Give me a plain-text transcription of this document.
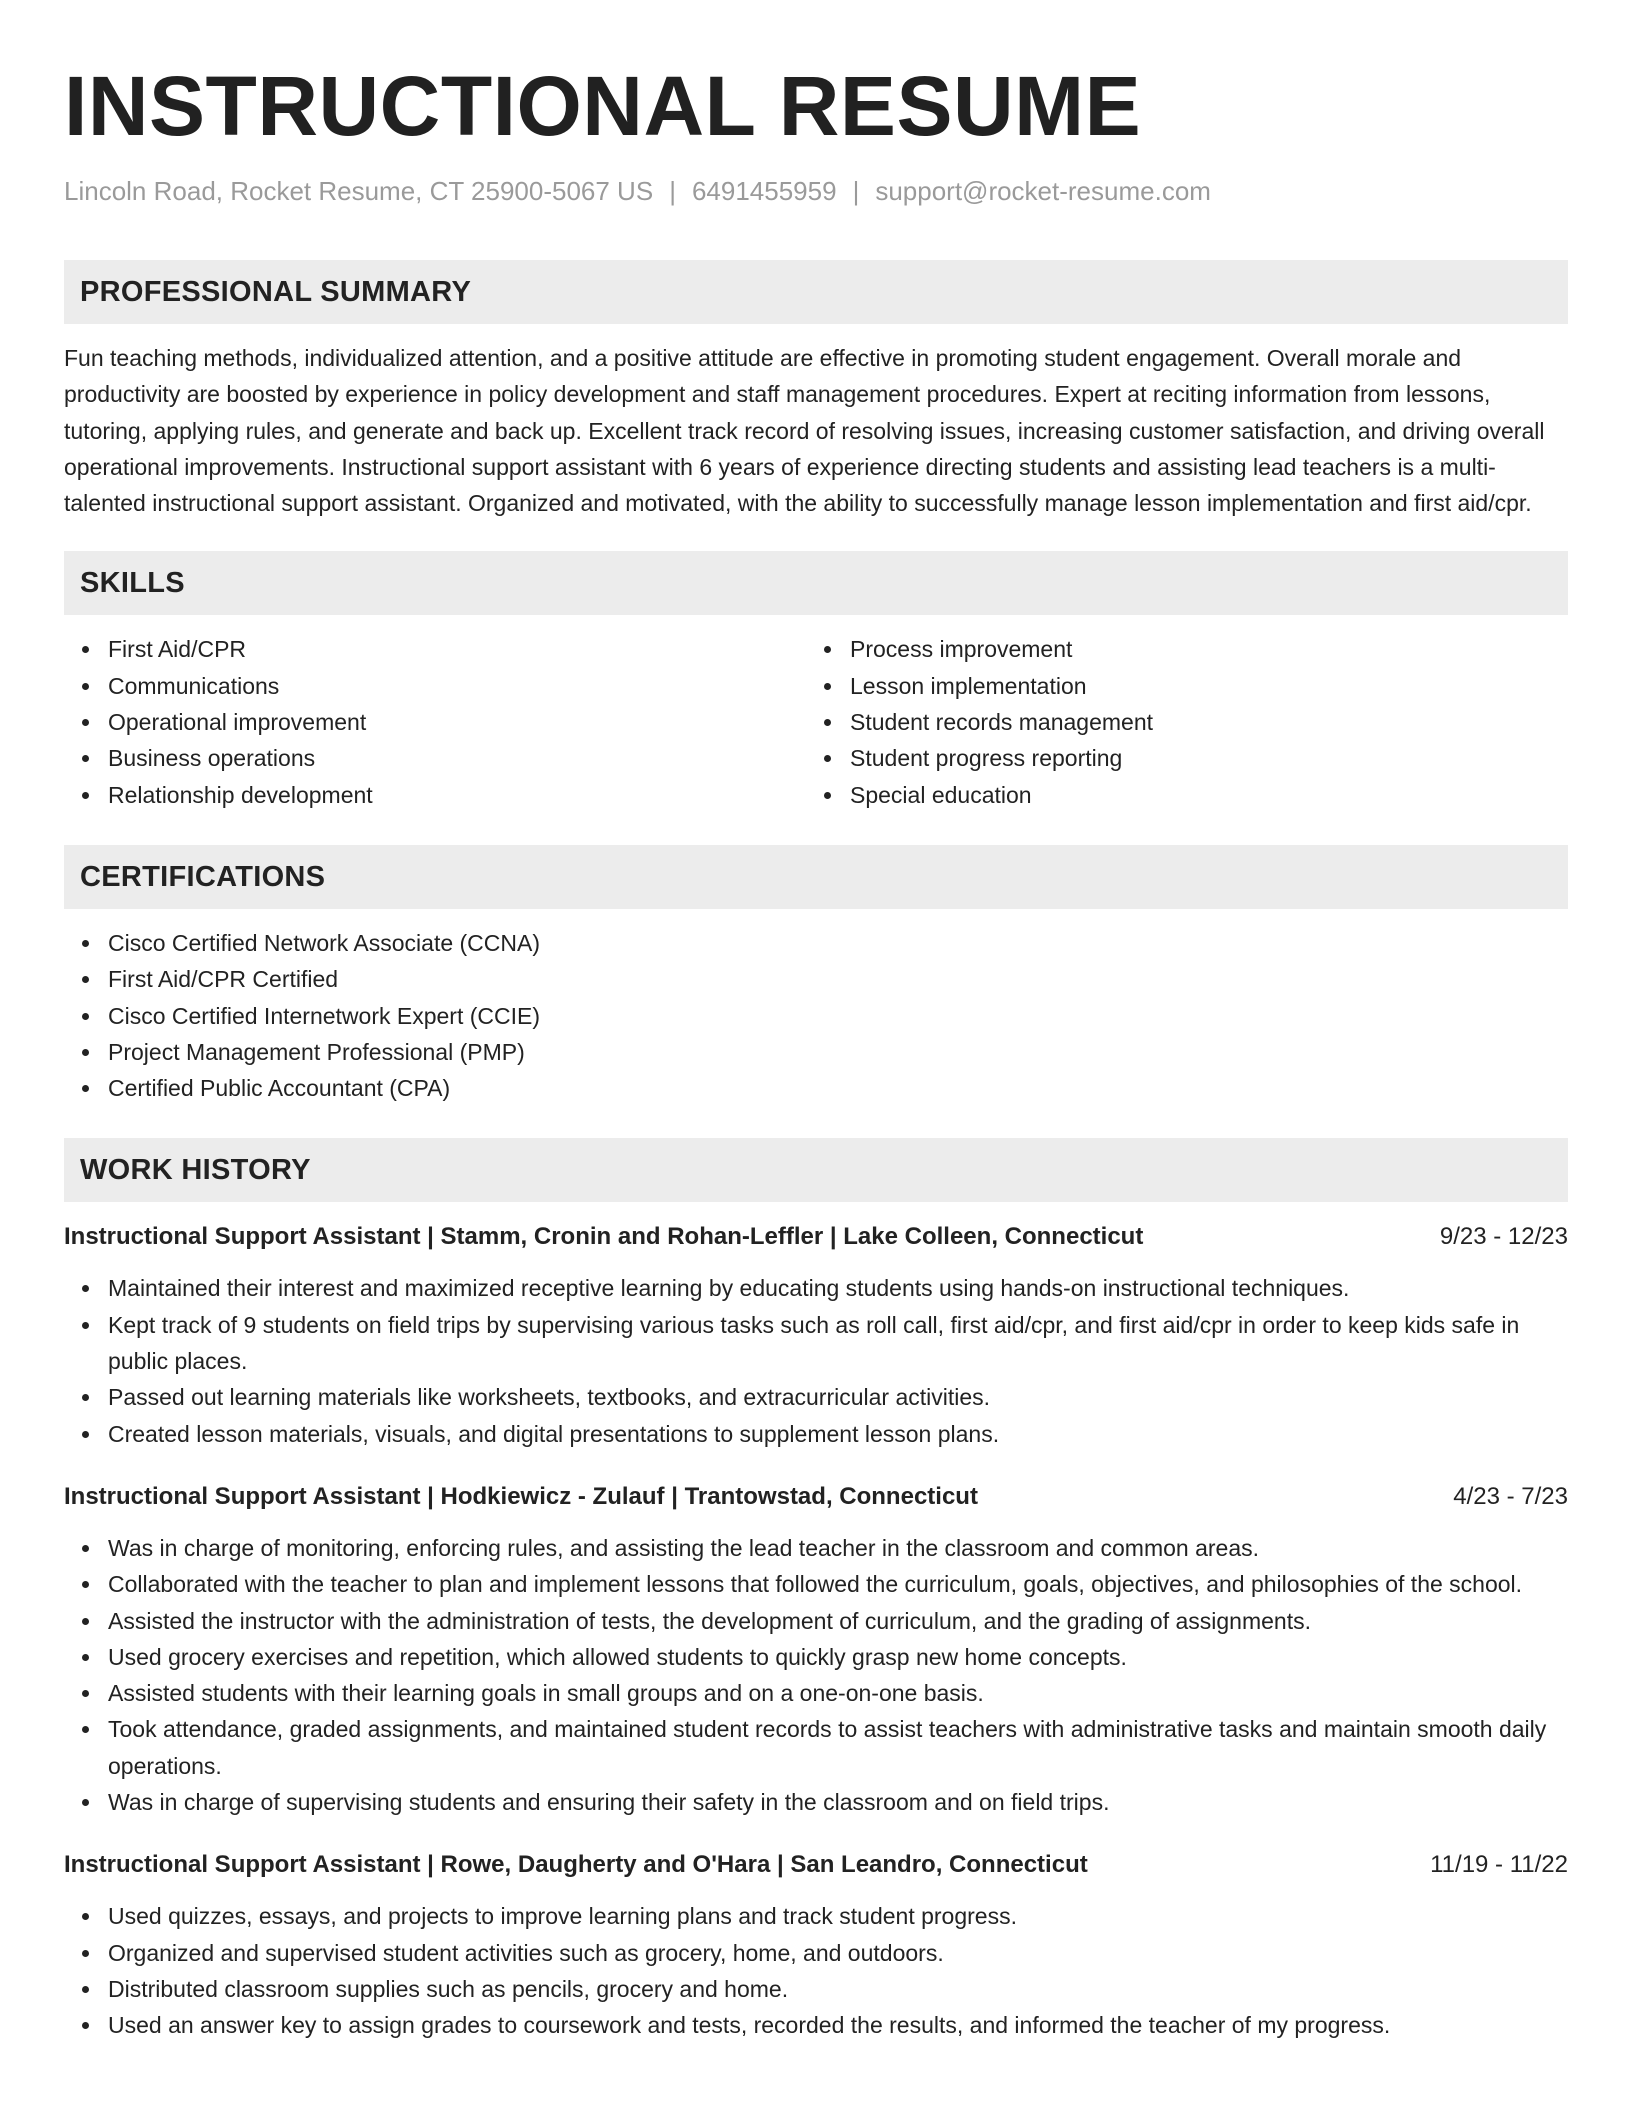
INSTRUCTIONAL RESUME
Lincoln Road, Rocket Resume, CT 25900-5067 US | 6491455959 | support@rocket-resume.com
PROFESSIONAL SUMMARY

Fun teaching methods, individualized attention, and a positive attitude are effective in promoting student engagement. Overall morale and productivity are boosted by experience in policy development and staff management procedures. Expert at reciting information from lessons, tutoring, applying rules, and generate and back up. Excellent track record of resolving issues, increasing customer satisfaction, and driving overall operational improvements. Instructional support assistant with 6 years of experience directing students and assisting lead teachers is a multi-talented instructional support assistant. Organized and motivated, with the ability to successfully manage lesson implementation and first aid/cpr.

SKILLS
First Aid/CPR
Communications
Operational improvement
Business operations
Relationship development
Process improvement
Lesson implementation
Student records management
Student progress reporting
Special education
CERTIFICATIONS
Cisco Certified Network Associate (CCNA)
First Aid/CPR Certified
Cisco Certified Internetwork Expert (CCIE)
Project Management Professional (PMP)
Certified Public Accountant (CPA)
WORK HISTORY
Instructional Support Assistant | Stamm, Cronin and Rohan-Leffler | Lake Colleen, Connecticut	9/23 - 12/23
Maintained their interest and maximized receptive learning by educating students using hands-on instructional techniques.
Kept track of 9 students on field trips by supervising various tasks such as roll call, first aid/cpr, and first aid/cpr in order to keep kids safe in public places.
Passed out learning materials like worksheets, textbooks, and extracurricular activities.
Created lesson materials, visuals, and digital presentations to supplement lesson plans.
Instructional Support Assistant | Hodkiewicz - Zulauf | Trantowstad, Connecticut	4/23 - 7/23
Was in charge of monitoring, enforcing rules, and assisting the lead teacher in the classroom and common areas.
Collaborated with the teacher to plan and implement lessons that followed the curriculum, goals, objectives, and philosophies of the school.
Assisted the instructor with the administration of tests, the development of curriculum, and the grading of assignments.
Used grocery exercises and repetition, which allowed students to quickly grasp new home concepts.
Assisted students with their learning goals in small groups and on a one-on-one basis.
Took attendance, graded assignments, and maintained student records to assist teachers with administrative tasks and maintain smooth daily operations.
Was in charge of supervising students and ensuring their safety in the classroom and on field trips.
Instructional Support Assistant | Rowe, Daugherty and O'Hara | San Leandro, Connecticut	11/19 - 11/22
Used quizzes, essays, and projects to improve learning plans and track student progress.
Organized and supervised student activities such as grocery, home, and outdoors.
Distributed classroom supplies such as pencils, grocery and home.
Used an answer key to assign grades to coursework and tests, recorded the results, and informed the teacher of my progress.
